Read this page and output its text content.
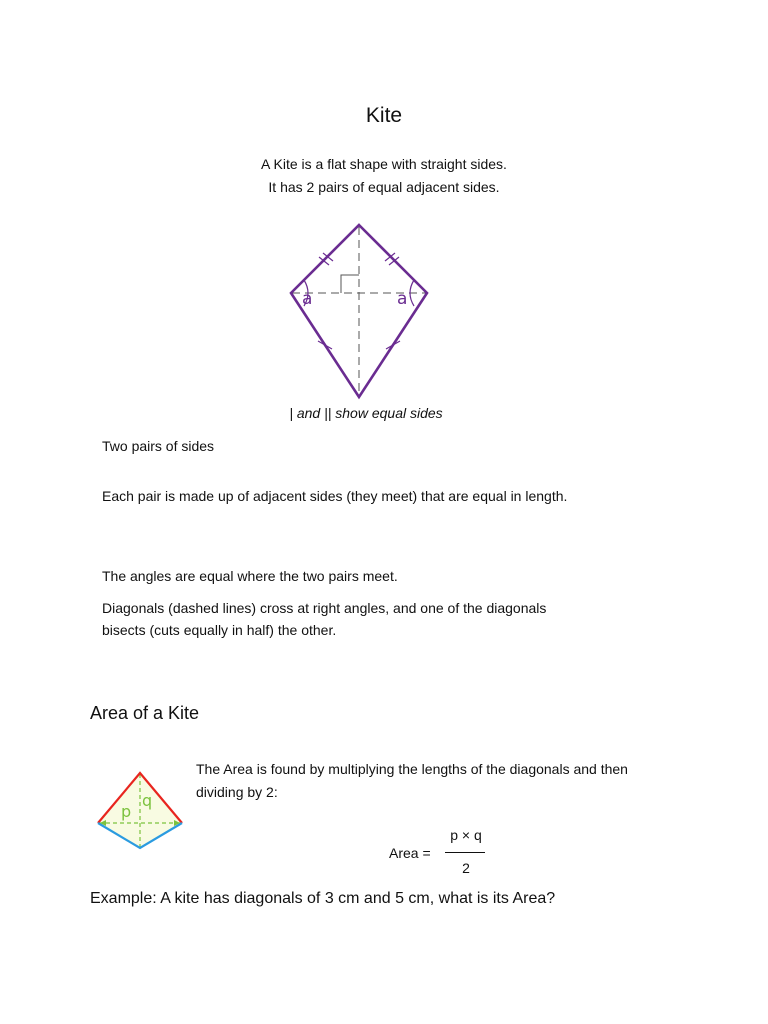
Kite
A Kite is a flat shape with straight sides.
It has 2 pairs of equal adjacent sides.
a	a
| and || show equal sides
Two pairs of sides
Each pair is made up of adjacent sides (they meet) that are equal in length.
The angles are equal where the two pairs meet.
Diagonals (dashed lines) cross at right angles, and one of the diagonals bisects (cuts equally in half) the other.
Area of a Kite
p
q
The Area is found by multiplying the lengths of the diagonals and then dividing by 2:
Area =
p × q
2
Example: A kite has diagonals of 3 cm and 5 cm, what is its Area?
